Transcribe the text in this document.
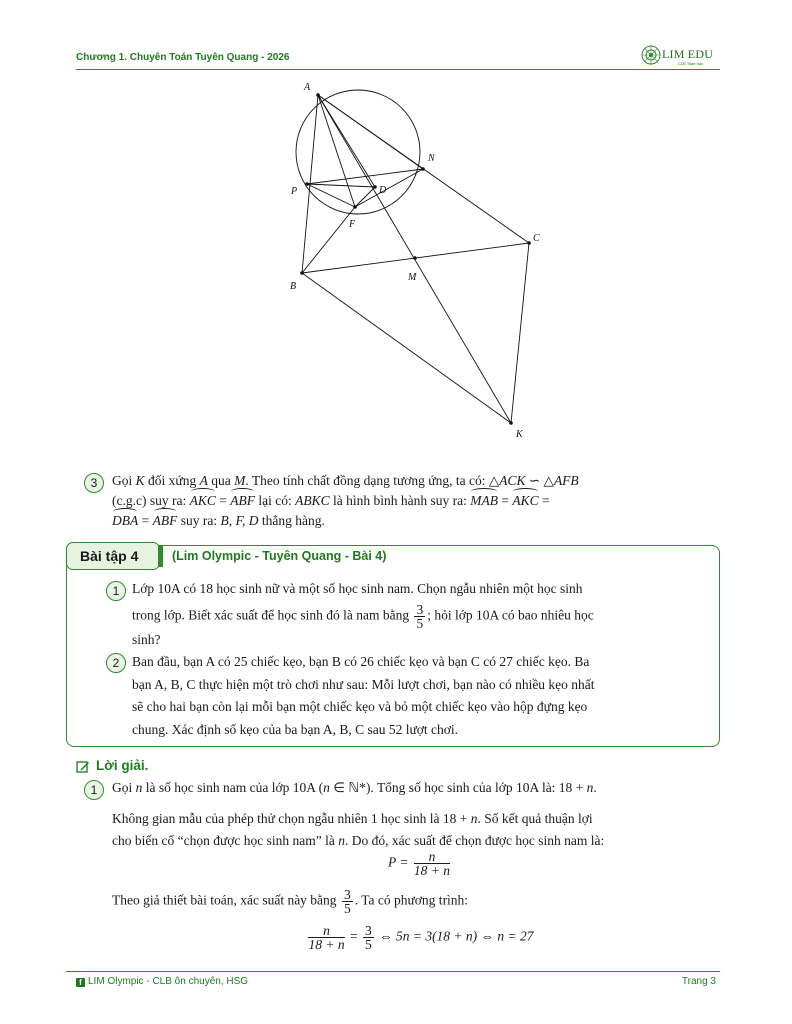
Chương 1. Chuyên Toán Tuyên Quang - 2026	LIM EDU
CLB Toán học
A
N
P	D
F
C
B
M
K
3	Gọi K đối xứng A qua M. Theo tính chất đồng dạng tương ứng, ta có: △ACK ∽ △AFB
(c.g.c) suy ra: AKC = ABF lại có: ABKC là hình bình hành suy ra: MAB = AKC =
DBA = ABF suy ra: B, F, D thẳng hàng.
Bài tập 4	(Lim Olympic - Tuyên Quang - Bài 4)
1 Lớp 10A có 18 học sinh nữ và một số học sinh nam. Chọn ngẫu nhiên một học sinh
trong lớp. Biết xác suất để học sinh đó là nam bằng $\frac{3}{5}$ ; hỏi lớp 10A có bao nhiêu học
sinh?
2 Ban đầu, bạn A có 25 chiếc kẹo, bạn B có 26 chiếc kẹo và bạn C có 27 chiếc kẹo. Ba
bạn A, B, C thực hiện một trò chơi như sau: Mỗi lượt chơi, bạn nào có nhiều kẹo nhất
sẽ cho hai bạn còn lại mỗi bạn một chiếc kẹo và bỏ một chiếc kẹo vào hộp đựng kẹo
chung. Xác định số kẹo của ba bạn A, B, C sau 52 lượt chơi.
Lời giải.
1	Gọi n là số học sinh nam của lớp 10A (n ∈ ℕ*). Tổng số học sinh của lớp 10A là: 18 + n.
Không gian mẫu của phép thử chọn ngẫu nhiên 1 học sinh là 18 + n. Số kết quả thuận lợi
cho biến cố “chọn được học sinh nam” là n. Do đó, xác suất để chọn được học sinh nam là:
$P = \frac{n}{18 + n}$
Theo giả thiết bài toán, xác suất này bằng $\frac{3}{5}$ . Ta có phương trình:
$\frac{n}{18 + n} = \frac{3}{5}$ ⇔ 5n = 3(18 + n) ⇔ n = 27
f LIM Olympic - CLB ôn chuyên, HSG	Trang 3
